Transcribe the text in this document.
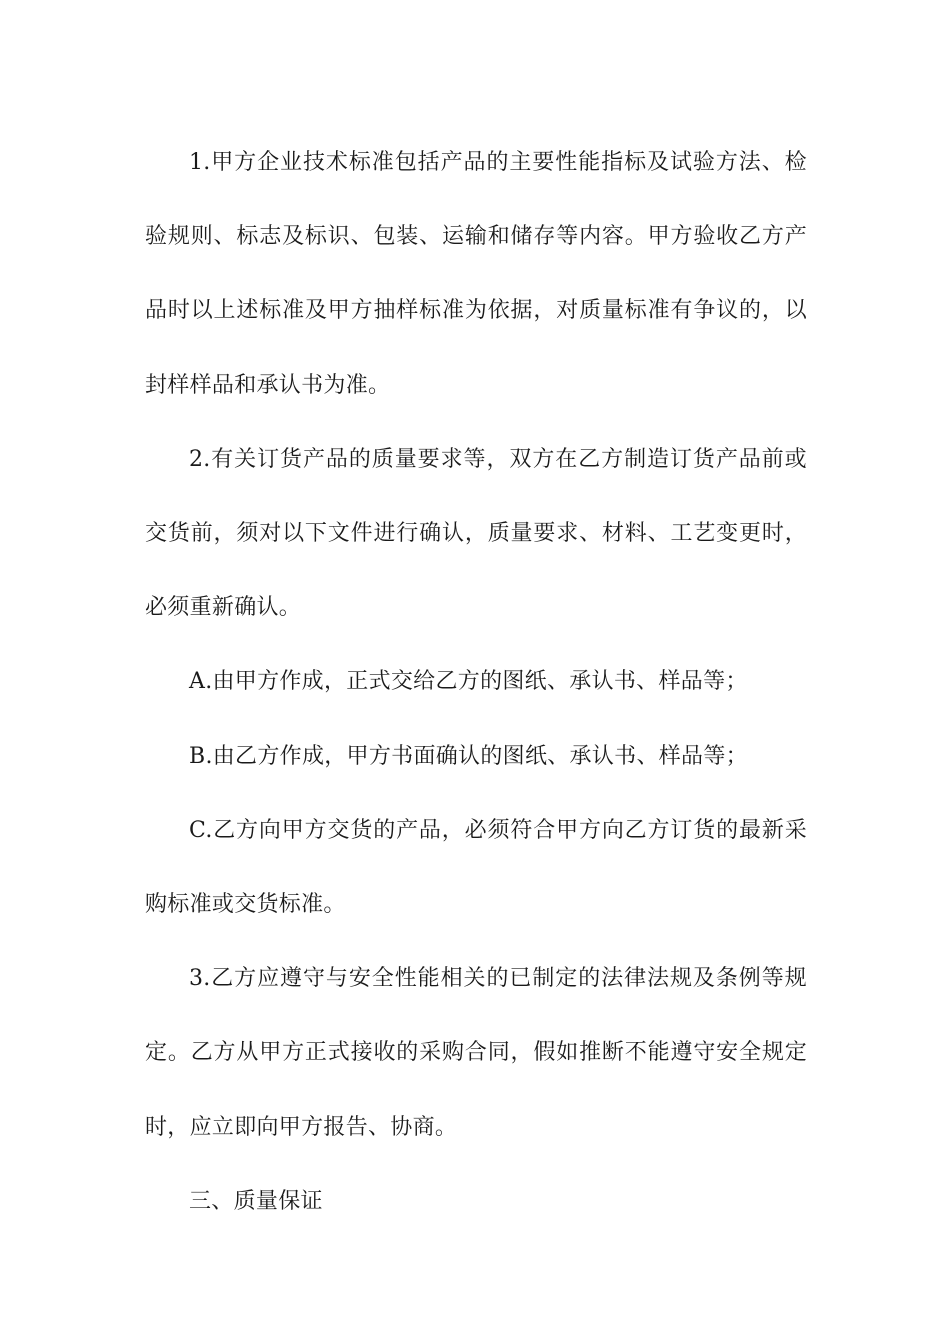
1.甲方企业技术标准包括产品的主要性能指标及试验方法、检验规则、标志及标识、包装、运输和储存等内容。甲方验收乙方产品时以上述标准及甲方抽样标准为依据，对质量标准有争议的，以封样样品和承认书为准。

2.有关订货产品的质量要求等，双方在乙方制造订货产品前或交货前，须对以下文件进行确认，质量要求、材料、工艺变更时，必须重新确认。

A.由甲方作成，正式交给乙方的图纸、承认书、样品等；

B.由乙方作成，甲方书面确认的图纸、承认书、样品等；

C.乙方向甲方交货的产品，必须符合甲方向乙方订货的最新采购标准或交货标准。

3.乙方应遵守与安全性能相关的已制定的法律法规及条例等规定。乙方从甲方正式接收的采购合同，假如推断不能遵守安全规定时，应立即向甲方报告、协商。

三、质量保证
